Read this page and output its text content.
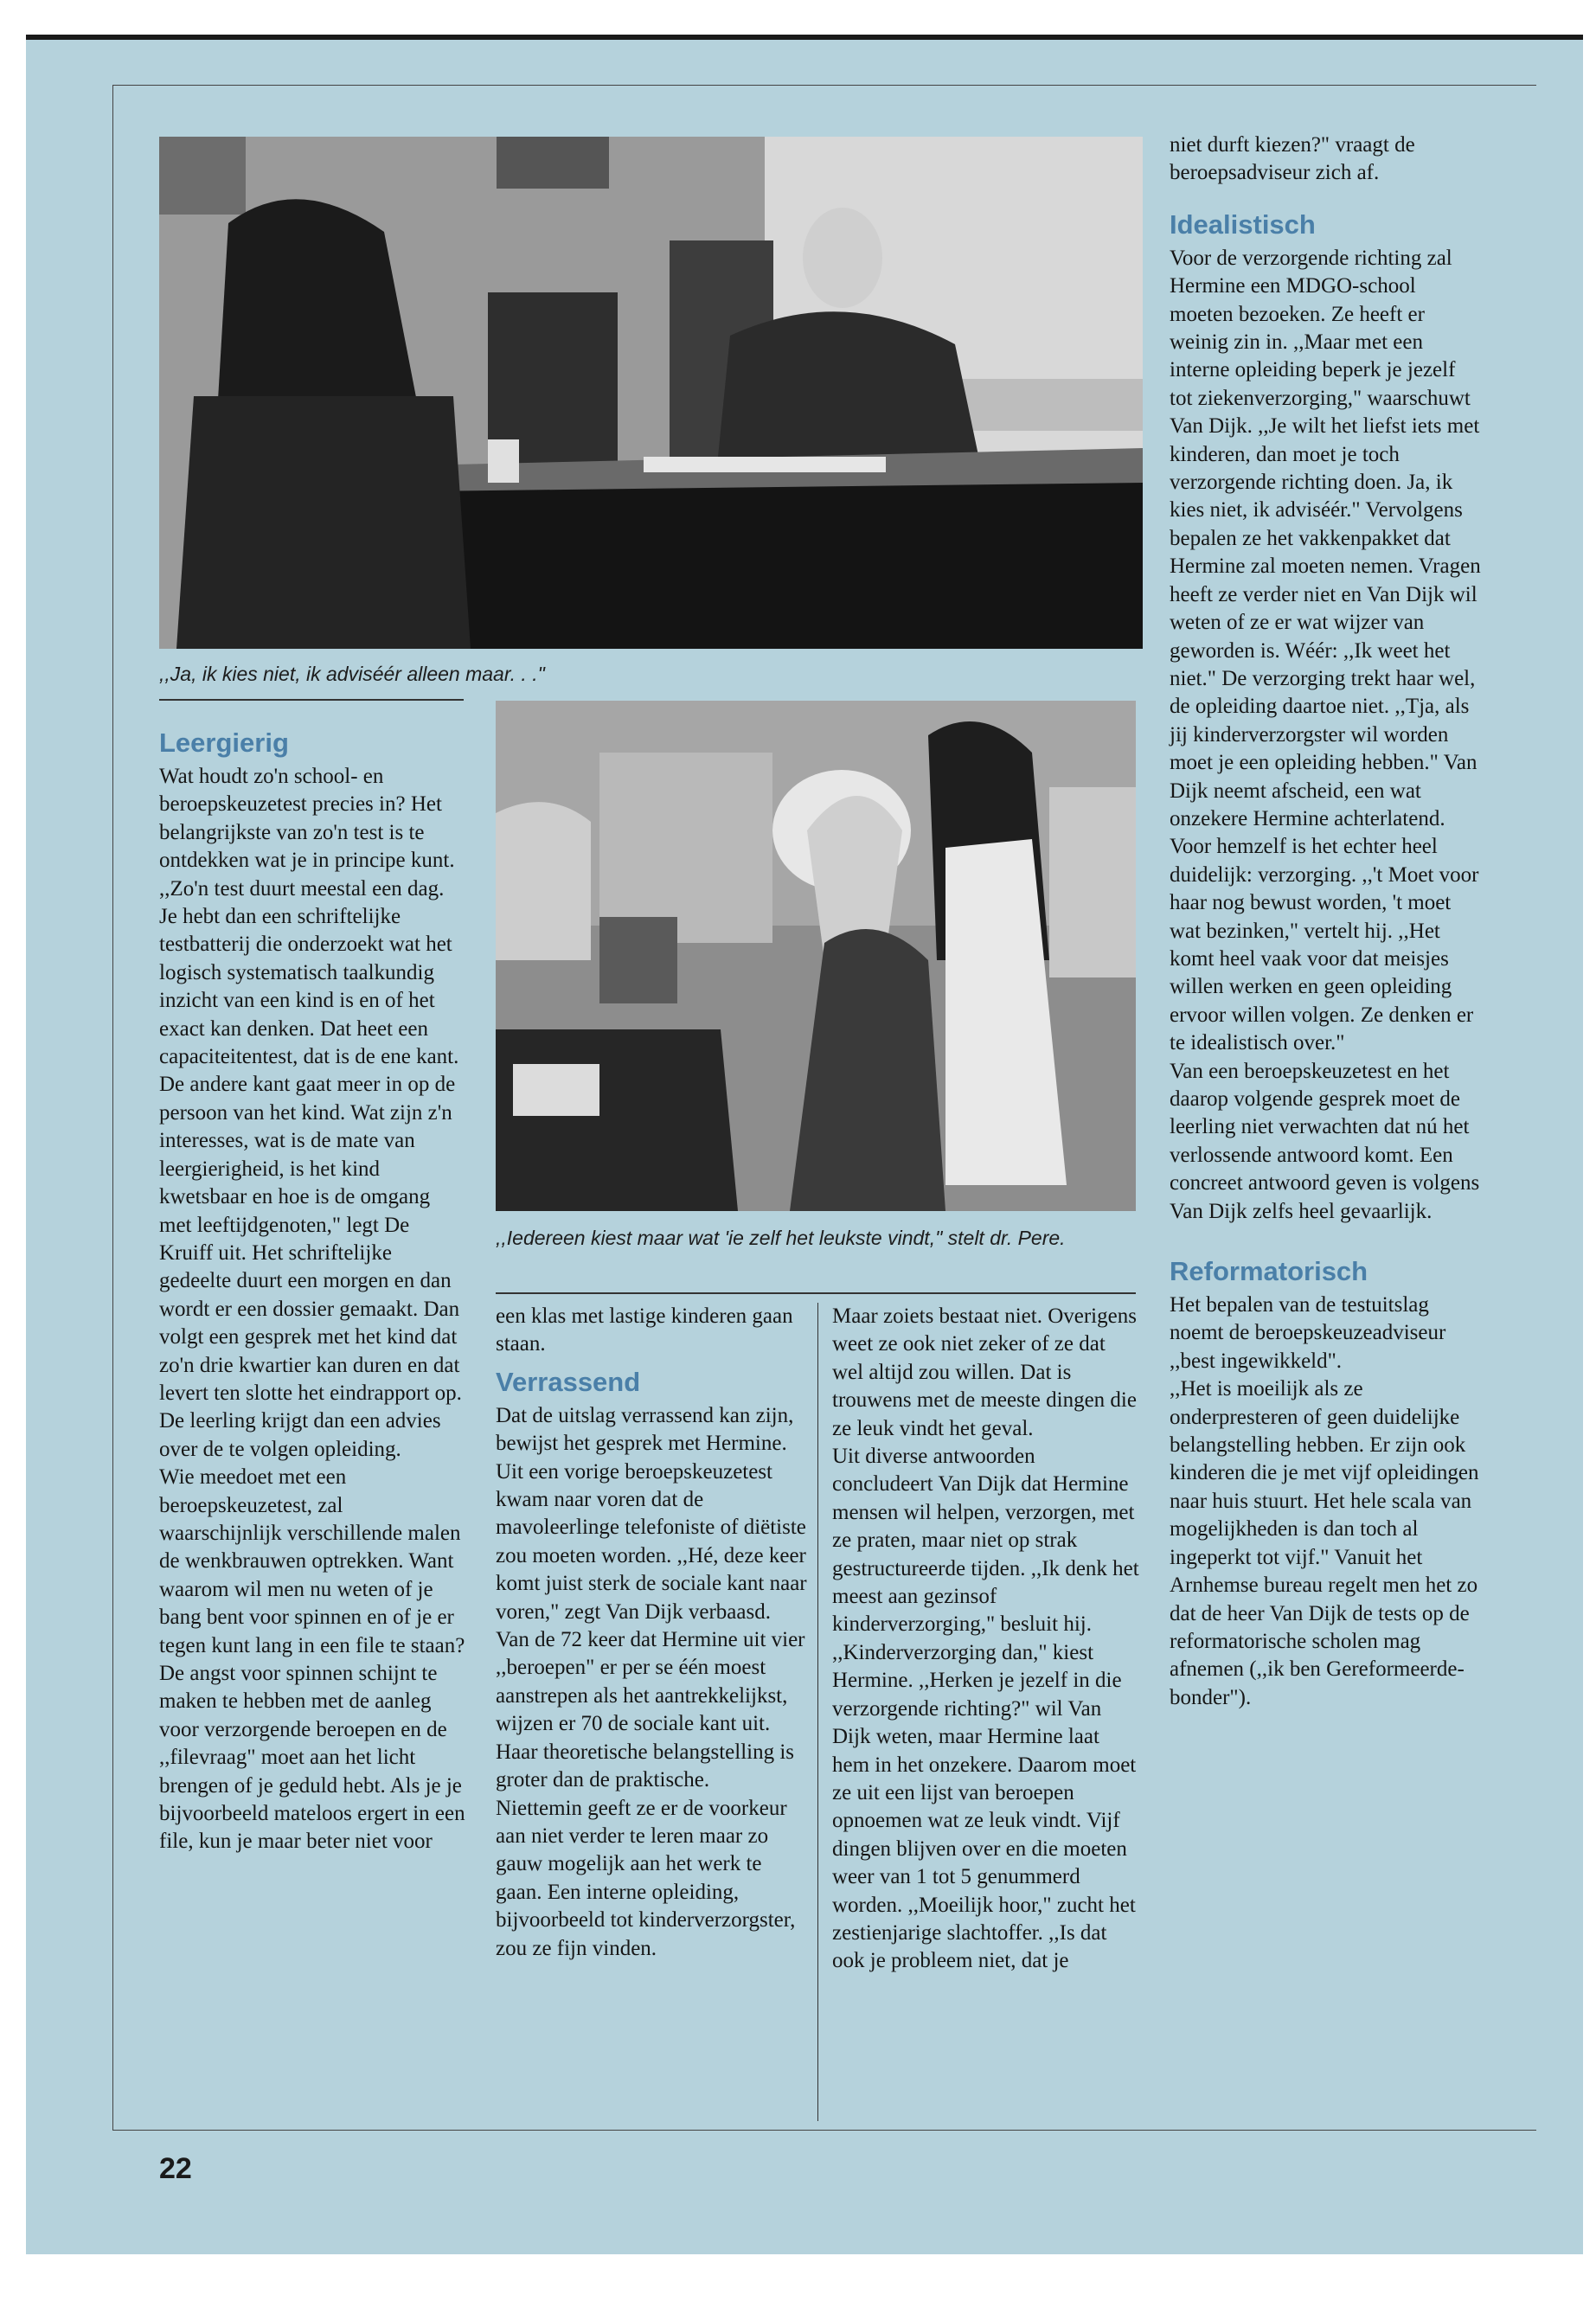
,,Ja, ik kies niet, ik adviséér alleen maar. . ."

,,Iedereen kiest maar wat 'ie zelf het leukste vindt," stelt dr. Pere.

Leergierig

Wat houdt zo'n school- en beroepskeuzetest precies in? Het belangrijkste van zo'n test is te ontdekken wat je in principe kunt. ,,Zo'n test duurt meestal een dag. Je hebt dan een schriftelijke testbatterij die onderzoekt wat het logisch systematisch taalkundig inzicht van een kind is en of het exact kan denken. Dat heet een capaciteitentest, dat is de ene kant. De andere kant gaat meer in op de persoon van het kind. Wat zijn z'n interesses, wat is de mate van leergierigheid, is het kind kwetsbaar en hoe is de omgang met leeftijdgenoten," legt De Kruiff uit. Het schriftelijke gedeelte duurt een morgen en dan wordt er een dossier gemaakt. Dan volgt een gesprek met het kind dat zo'n drie kwartier kan duren en dat levert ten slotte het eindrapport op. De leerling krijgt dan een advies over de te volgen opleiding.

Wie meedoet met een beroepskeuzetest, zal waarschijnlijk verschillende malen de wenkbrauwen optrekken. Want waarom wil men nu weten of je bang bent voor spinnen en of je er tegen kunt lang in een file te staan? De angst voor spinnen schijnt te maken te hebben met de aanleg voor verzorgende beroepen en de ,,filevraag" moet aan het licht brengen of je geduld hebt. Als je je bijvoorbeeld mateloos ergert in een file, kun je maar beter niet voor

een klas met lastige kinderen gaan staan.

Verrassend

Dat de uitslag verrassend kan zijn, bewijst het gesprek met Hermine. Uit een vorige beroepskeuzetest kwam naar voren dat de mavoleerlinge telefoniste of diëtiste zou moeten worden. ,,Hé, deze keer komt juist sterk de sociale kant naar voren," zegt Van Dijk verbaasd. Van de 72 keer dat Hermine uit vier ,,beroepen" er per se één moest aanstrepen als het aantrekkelijkst, wijzen er 70 de sociale kant uit. Haar theoretische belangstelling is groter dan de praktische.

Niettemin geeft ze er de voorkeur aan niet verder te leren maar zo gauw mogelijk aan het werk te gaan. Een interne opleiding, bijvoorbeeld tot kinderverzorgster, zou ze fijn vinden.

Maar zoiets bestaat niet. Overigens weet ze ook niet zeker of ze dat wel altijd zou willen. Dat is trouwens met de meeste dingen die ze leuk vindt het geval.

Uit diverse antwoorden concludeert Van Dijk dat Hermine mensen wil helpen, verzorgen, met ze praten, maar niet op strak gestructureerde tijden. ,,Ik denk het meest aan gezinsof kinderverzorging," besluit hij. ,,Kinderverzorging dan," kiest Hermine. ,,Herken je jezelf in die verzorgende richting?" wil Van Dijk weten, maar Hermine laat hem in het onzekere. Daarom moet ze uit een lijst van beroepen opnoemen wat ze leuk vindt. Vijf dingen blijven over en die moeten weer van 1 tot 5 genummerd worden. ,,Moeilijk hoor," zucht het zestienjarige slachtoffer. ,,Is dat ook je probleem niet, dat je

niet durft kiezen?" vraagt de beroepsadviseur zich af.

Idealistisch

Voor de verzorgende richting zal Hermine een MDGO-school moeten bezoeken. Ze heeft er weinig zin in. ,,Maar met een interne opleiding beperk je jezelf tot ziekenverzorging," waarschuwt Van Dijk. ,,Je wilt het liefst iets met kinderen, dan moet je toch verzorgende richting doen. Ja, ik kies niet, ik adviséér." Vervolgens bepalen ze het vakkenpakket dat Hermine zal moeten nemen. Vragen heeft ze verder niet en Van Dijk wil weten of ze er wat wijzer van geworden is. Wéér: ,,Ik weet het niet." De verzorging trekt haar wel, de opleiding daartoe niet. ,,Tja, als jij kinderverzorgster wil worden moet je een opleiding hebben." Van Dijk neemt afscheid, een wat onzekere Hermine achterlatend. Voor hemzelf is het echter heel duidelijk: verzorging. ,,'t Moet voor haar nog bewust worden, 't moet wat bezinken," vertelt hij. ,,Het komt heel vaak voor dat meisjes willen werken en geen opleiding ervoor willen volgen. Ze denken er te idealistisch over."

Van een beroepskeuzetest en het daarop volgende gesprek moet de leerling niet verwachten dat nú het verlossende antwoord komt. Een concreet antwoord geven is volgens Van Dijk zelfs heel gevaarlijk.

Reformatorisch

Het bepalen van de testuitslag noemt de beroepskeuzeadviseur ,,best ingewikkeld".

,,Het is moeilijk als ze onderpresteren of geen duidelijke belangstelling hebben. Er zijn ook kinderen die je met vijf opleidingen naar huis stuurt. Het hele scala van mogelijkheden is dan toch al ingeperkt tot vijf." Vanuit het Arnhemse bureau regelt men het zo dat de heer Van Dijk de tests op de reformatorische scholen mag afnemen (,,ik ben Gereformeerde-bonder").

22
